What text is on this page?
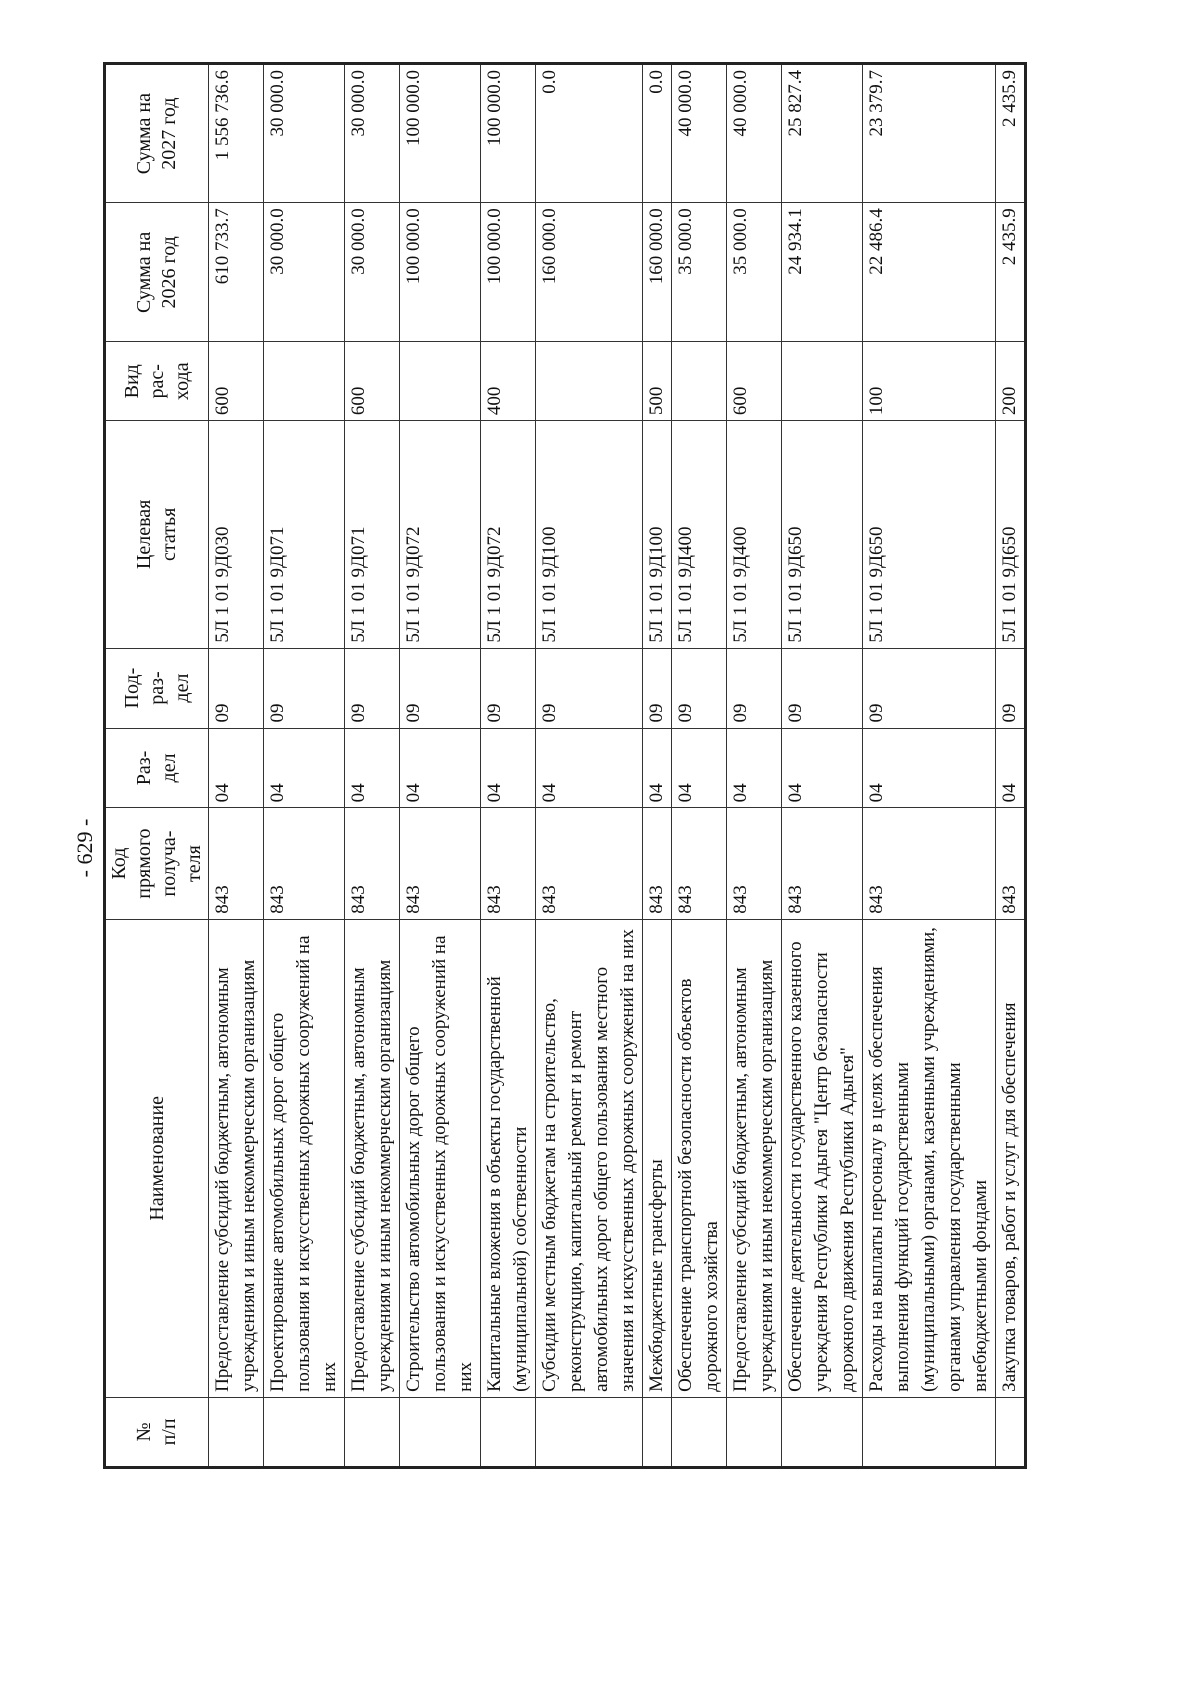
- 629 -
№
п/п	Наименование	Код
прямого
получа-
теля	Раз-
дел	Под-
раз-
дел	Целевая
статья	Вид
рас-
хода	Сумма на
2026 год	Сумма на
2027 год
	Предоставление субсидий бюджетным, автономным учреждениям и иным некоммерческим организациям	843	04	09	5Л 1 01 9Д030	600	610 733.7	1 556 736.6
	Проектирование автомобильных дорог общего пользования и искусственных дорожных сооружений на них	843	04	09	5Л 1 01 9Д071		30 000.0	30 000.0
	Предоставление субсидий бюджетным, автономным учреждениям и иным некоммерческим организациям	843	04	09	5Л 1 01 9Д071	600	30 000.0	30 000.0
	Строительство автомобильных дорог общего пользования и искусственных дорожных сооружений на них	843	04	09	5Л 1 01 9Д072		100 000.0	100 000.0
	Капитальные вложения в объекты государственной (муниципальной) собственности	843	04	09	5Л 1 01 9Д072	400	100 000.0	100 000.0
	Субсидии местным бюджетам на строительство, реконструкцию, капитальный ремонт и ремонт автомобильных дорог общего пользования местного значения и искусственных дорожных сооружений на них	843	04	09	5Л 1 01 9Д100		160 000.0	0.0
	Межбюджетные трансферты	843	04	09	5Л 1 01 9Д100	500	160 000.0	0.0
	Обеспечение транспортной безопасности объектов дорожного хозяйства	843	04	09	5Л 1 01 9Д400		35 000.0	40 000.0
	Предоставление субсидий бюджетным, автономным учреждениям и иным некоммерческим организациям	843	04	09	5Л 1 01 9Д400	600	35 000.0	40 000.0
	Обеспечение деятельности государственного казенного учреждения Республики Адыгея "Центр безопасности дорожного движения Республики Адыгея"	843	04	09	5Л 1 01 9Д650		24 934.1	25 827.4
	Расходы на выплаты персоналу в целях обеспечения выполнения функций государственными (муниципальными) органами, казенными учреждениями, органами управления государственными внебюджетными фондами	843	04	09	5Л 1 01 9Д650	100	22 486.4	23 379.7
	Закупка товаров, работ и услуг для обеспечения	843	04	09	5Л 1 01 9Д650	200	2 435.9	2 435.9
